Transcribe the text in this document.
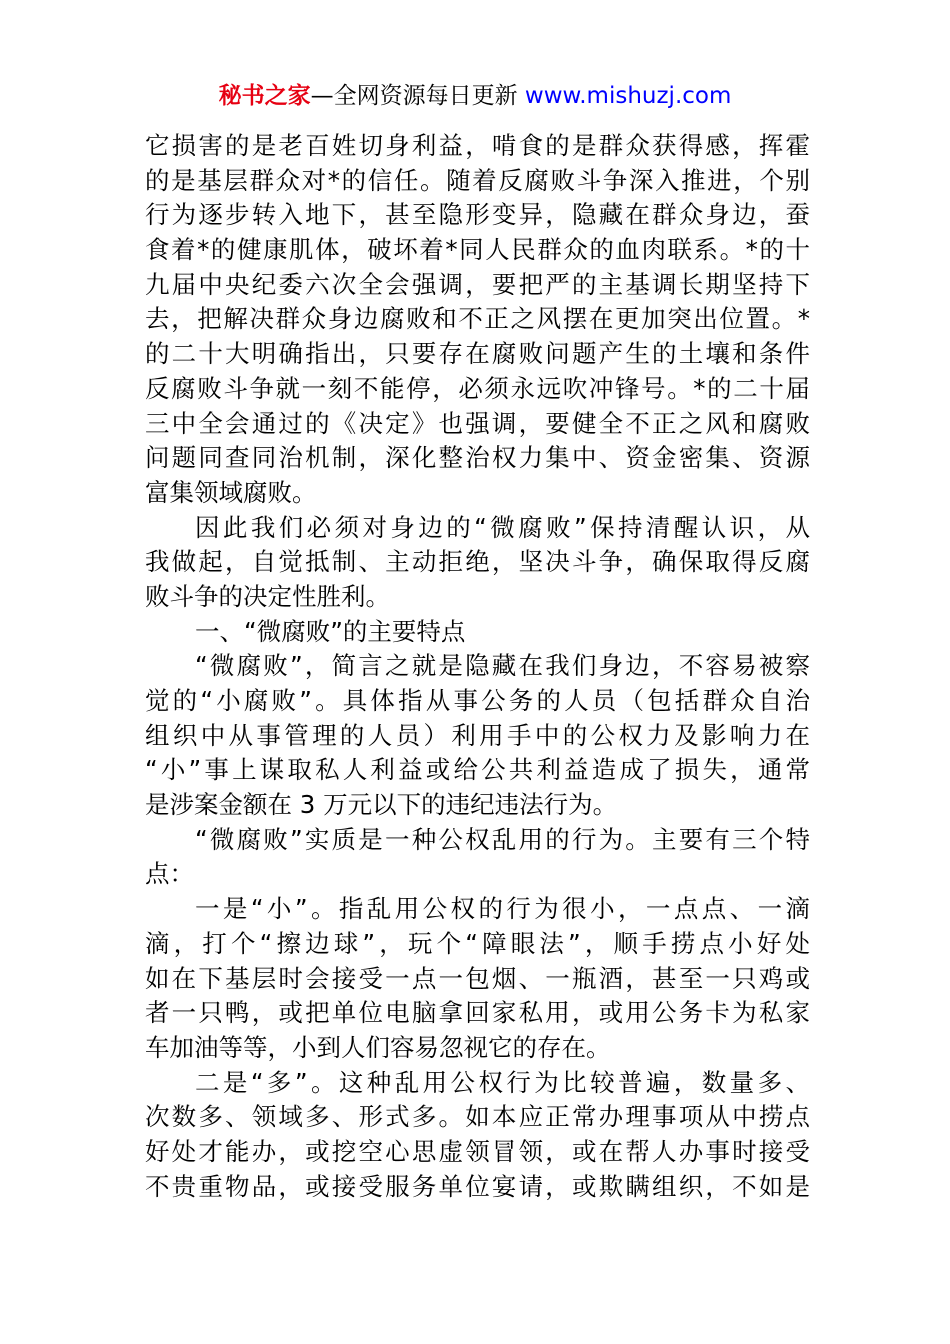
秘书之家—全网资源每日更新 www.mishuzj.com
它损害的是老百姓切身利益，啃食的是群众获得感，挥霍
的是基层群众对*的信任。随着反腐败斗争深入推进，个别
行为逐步转入地下，甚至隐形变异，隐藏在群众身边，蚕
食着*的健康肌体，破坏着*同人民群众的血肉联系。*的十
九届中央纪委六次全会强调，要把严的主基调长期坚持下
去，把解决群众身边腐败和不正之风摆在更加突出位置。*
的二十大明确指出，只要存在腐败问题产生的土壤和条件
反腐败斗争就一刻不能停，必须永远吹冲锋号。*的二十届
三中全会通过的《决定》也强调，要健全不正之风和腐败
问题同查同治机制，深化整治权力集中、资金密集、资源
富集领域腐败。
因此我们必须对身边的“微腐败”保持清醒认识，从
我做起，自觉抵制、主动拒绝，坚决斗争，确保取得反腐
败斗争的决定性胜利。
一、“微腐败”的主要特点
“微腐败”，简言之就是隐藏在我们身边，不容易被察
觉的“小腐败”。具体指从事公务的人员（包括群众自治
组织中从事管理的人员）利用手中的公权力及影响力在
“小”事上谋取私人利益或给公共利益造成了损失，通常
是涉案金额在 3 万元以下的违纪违法行为。
“微腐败”实质是一种公权乱用的行为。主要有三个特
点：
一是“小”。指乱用公权的行为很小，一点点、一滴
滴，打个“擦边球”，玩个“障眼法”，顺手捞点小好处
如在下基层时会接受一点一包烟、一瓶酒，甚至一只鸡或
者一只鸭，或把单位电脑拿回家私用，或用公务卡为私家
车加油等等，小到人们容易忽视它的存在。
二是“多”。这种乱用公权行为比较普遍，数量多、
次数多、领域多、形式多。如本应正常办理事项从中捞点
好处才能办，或挖空心思虚领冒领，或在帮人办事时接受
不贵重物品，或接受服务单位宴请，或欺瞒组织，不如是
